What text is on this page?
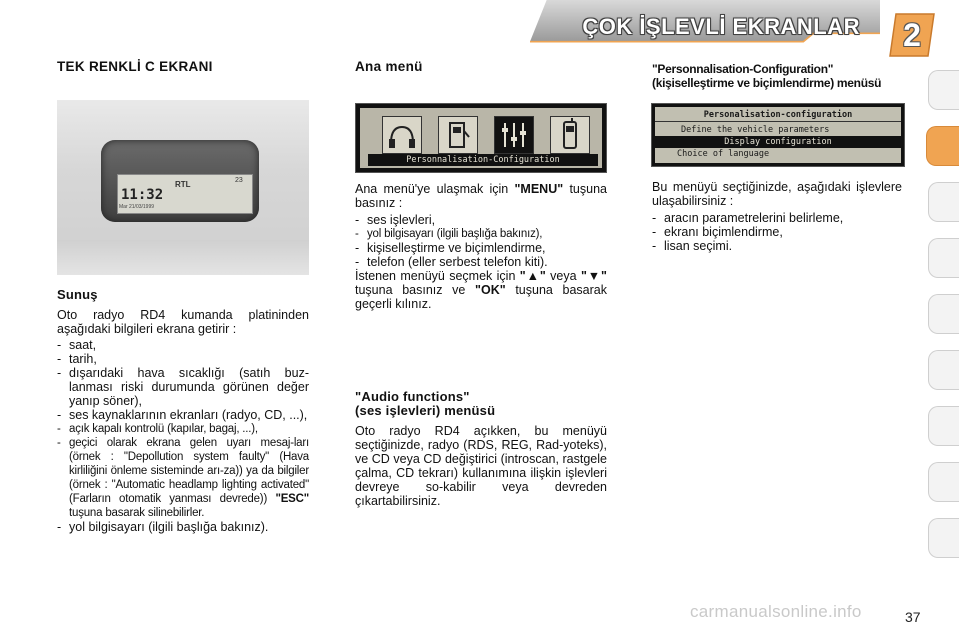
ÇOK İŞLEVLİ EKRANLAR	2
TEK RENKLİ C EKRANI
11:32
RTL	23
Mar 21/03/1999
Sunuş

Oto radyo RD4 kumanda platininden aşağıdaki bilgileri ekrana getirir :

- saat,
- tarih,
- dışarıdaki hava sıcaklığı (satıh buz-lanması riski durumunda görünen değer yanıp söner),
- ses kaynaklarının ekranları (radyo, CD, ...),
- açık kapalı kontrolü (kapılar, bagaj, ...),
- geçici olarak ekrana gelen uyarı mesaj-ları (örnek : "Depollution system faulty" (Hava kirliliğini önleme sisteminde arı-za)) ya da bilgiler (örnek : "Automatic headlamp lighting activated" (Farların otomatik yanması devrede)) "ESC" tuşuna basarak silinebilirler.
- yol bilgisayarı (ilgili başlığa bakınız).
Ana menü
Personnalisation-Configuration

Ana menü'ye ulaşmak için "MENU" tuşuna basınız :

- ses işlevleri,
- yol bilgisayarı (ilgili başlığa bakınız),
- kişiselleştirme ve biçimlendirme,
- telefon (eller serbest telefon kiti).

İstenen menüyü seçmek için "▲" veya "▼" tuşuna basınız ve "OK" tuşuna basarak geçerli kılınız.

"Audio functions"
(ses işlevleri) menüsü

Oto radyo RD4 açıkken, bu menüyü seçtiğinizde, radyo (RDS, REG, Rad-yoteks), ve CD veya CD değiştirici (introscan, rastgele çalma, CD tekrarı) kullanımına ilişkin işlevleri devreye so-kabilir veya devreden çıkartabilirsiniz.

"Personnalisation-Configuration"
(kişiselleştirme ve biçimlendirme) menüsü
Personalisation-configuration
Define the vehicle parameters
Display configuration
Choice of language

Bu menüyü seçtiğinizde, aşağıdaki işlevlere ulaşabilirsiniz :

- aracın parametrelerini belirleme,
- ekranı biçimlendirme,
- lisan seçimi.
carmanualsonline.info	37
